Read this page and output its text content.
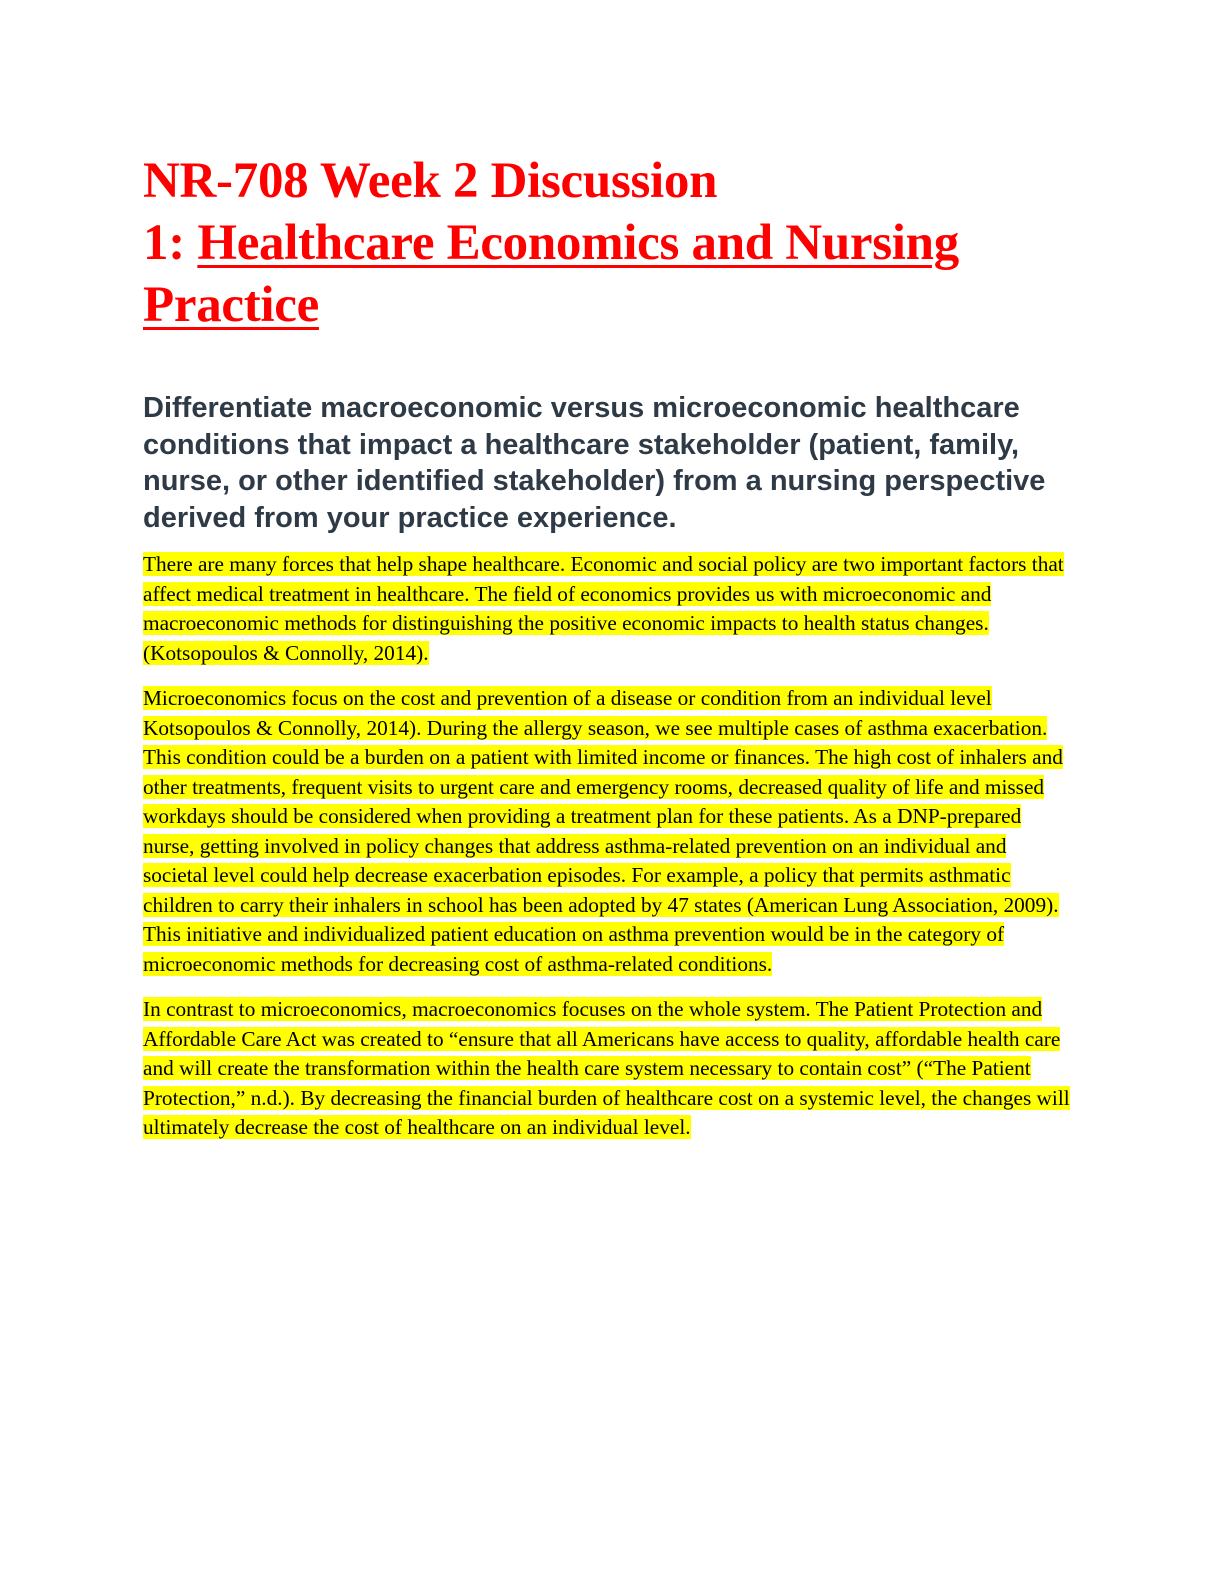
NR-708 Week 2 Discussion
1: Healthcare Economics and Nursing Practice
Differentiate macroeconomic versus microeconomic healthcare conditions that impact a healthcare stakeholder (patient, family, nurse, or other identified stakeholder) from a nursing perspective derived from your practice experience.

There are many forces that help shape healthcare. Economic and social policy are two important factors that affect medical treatment in healthcare. The field of economics provides us with microeconomic and macroeconomic methods for distinguishing the positive economic impacts to health status changes. (Kotsopoulos & Connolly, 2014).

Microeconomics focus on the cost and prevention of a disease or condition from an individual level Kotsopoulos & Connolly, 2014). During the allergy season, we see multiple cases of asthma exacerbation. This condition could be a burden on a patient with limited income or finances. The high cost of inhalers and other treatments, frequent visits to urgent care and emergency rooms, decreased quality of life and missed workdays should be considered when providing a treatment plan for these patients. As a DNP-prepared nurse, getting involved in policy changes that address asthma-related prevention on an individual and societal level could help decrease exacerbation episodes. For example, a policy that permits asthmatic children to carry their inhalers in school has been adopted by 47 states (American Lung Association, 2009). This initiative and individualized patient education on asthma prevention would be in the category of microeconomic methods for decreasing cost of asthma-related conditions.

In contrast to microeconomics, macroeconomics focuses on the whole system. The Patient Protection and Affordable Care Act was created to “ensure that all Americans have access to quality, affordable health care and will create the transformation within the health care system necessary to contain cost” (“The Patient Protection,” n.d.). By decreasing the financial burden of healthcare cost on a systemic level, the changes will ultimately decrease the cost of healthcare on an individual level.
